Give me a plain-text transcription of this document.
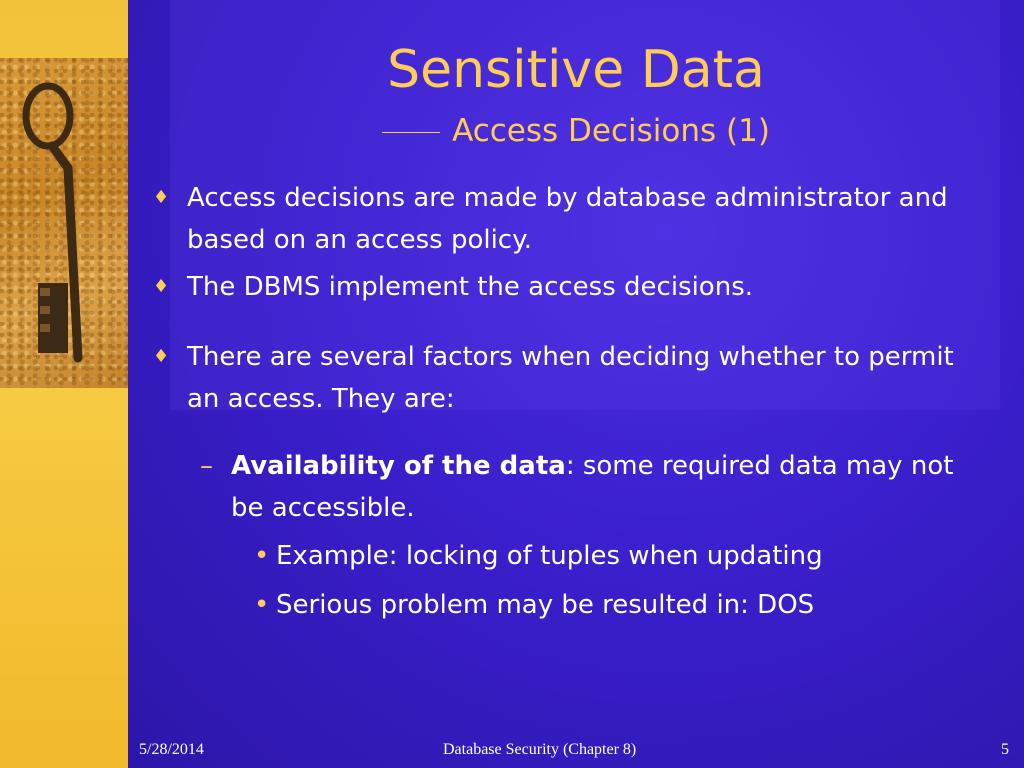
Sensitive Data
Access Decisions (1)
♦ Access decisions are made by database administrator and based on an access policy.
♦ The DBMS implement the access decisions.
♦ There are several factors when deciding whether to permit an access. They are:
– Availability of the data: some required data may not be accessible.
• Example: locking of tuples when updating
• Serious problem may be resulted in: DOS
5/28/2014	Database Security (Chapter 8)	5
